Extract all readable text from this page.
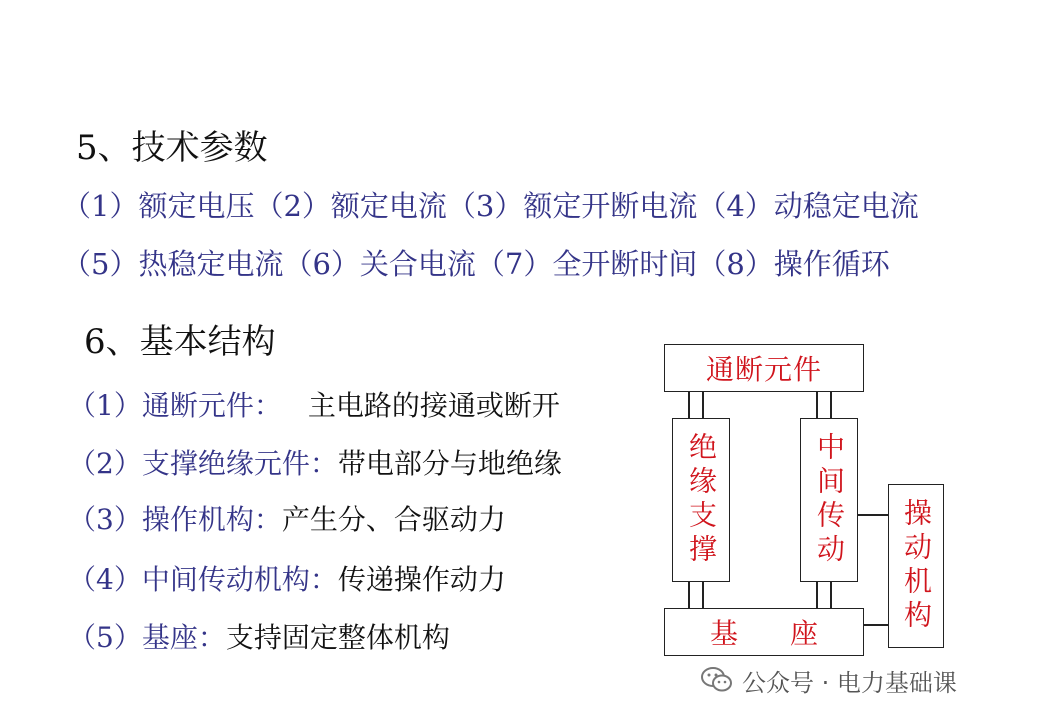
5、技术参数
（1）额定电压（2）额定电流（3）额定开断电流（4）动稳定电流
（5）热稳定电流（6）关合电流（7）全开断时间（8）操作循环
6、基本结构
（1）通断元件： 主电路的接通或断开
（2）支撑绝缘元件：带电部分与地绝缘
（3）操作机构：产生分、合驱动力
（4）中间传动机构：传递操作动力
（5）基座：支持固定整体机构
通断元件
绝缘支撑	中间传动	操动机构
基座
公众号 · 电力基础课
